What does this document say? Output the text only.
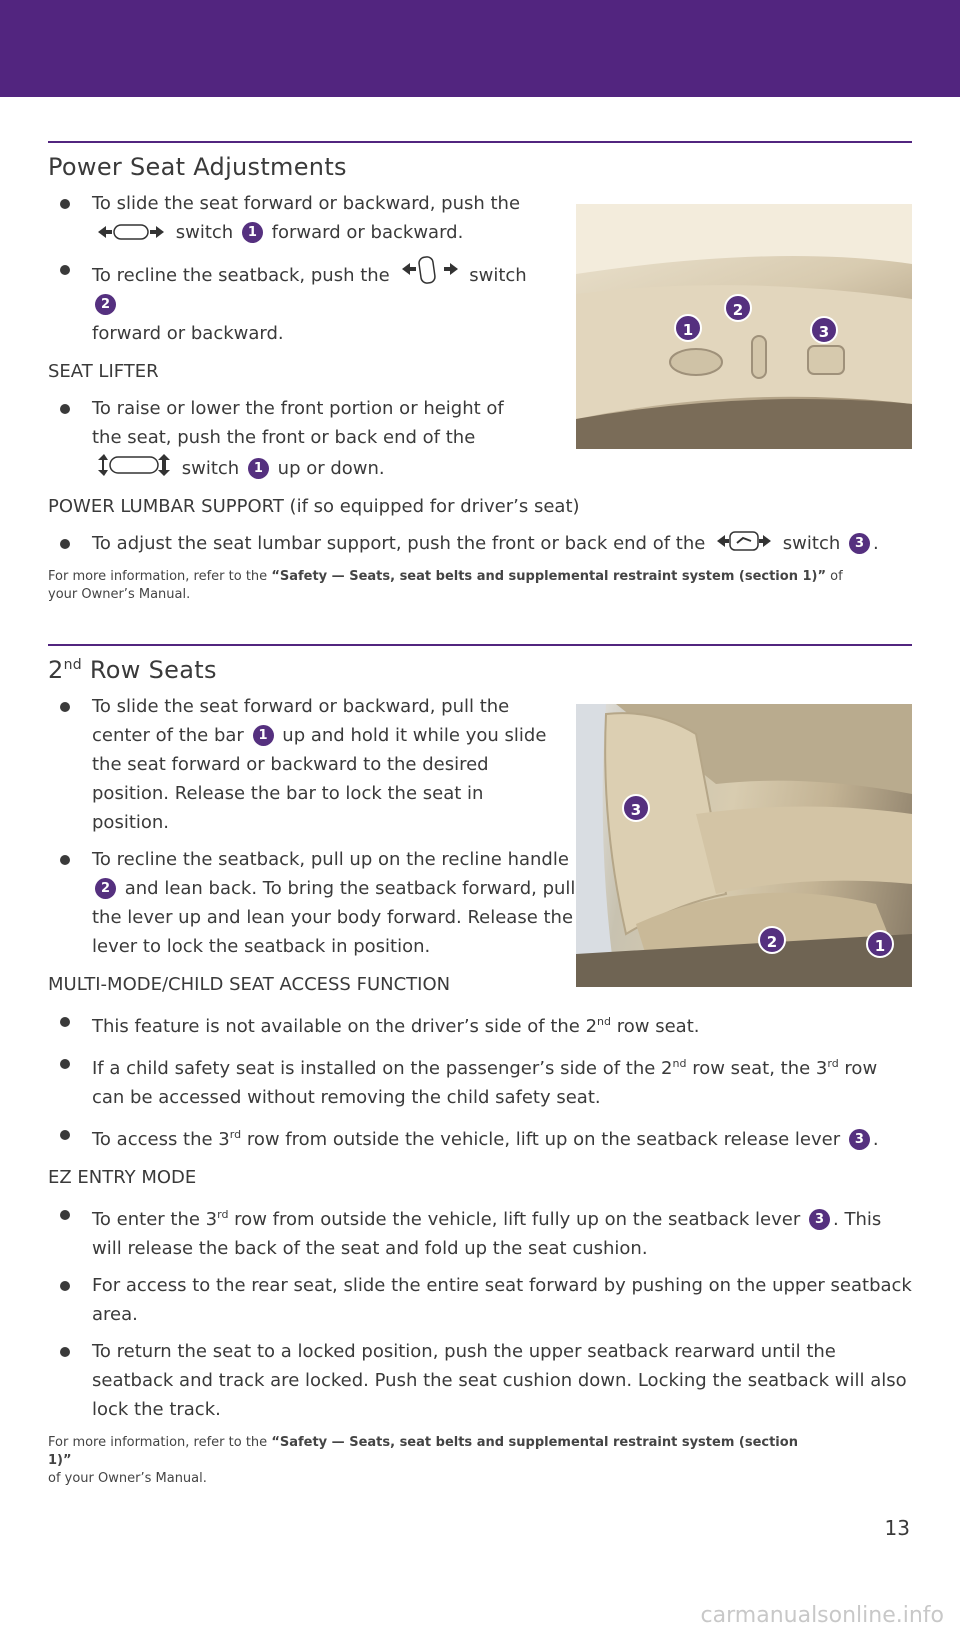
Power Seat Adjustments
To slide the seat forward or backward, push the
switch 1 forward or backward.
To recline the seatback, push the	switch 2
forward or backward.
SEAT LIFTER
To raise or lower the front portion or height of the seat, push the front or back end of the
switch 1 up or down.
POWER LUMBAR SUPPORT (if so equipped for driver’s seat)
To adjust the seat lumbar support, push the front or back end of the	switch 3 .
For more information, refer to the “Safety — Seats, seat belts and supplemental restraint system (section 1)” of your Owner’s Manual.
1
2
3
2nd Row Seats
To slide the seat forward or backward, pull the center of the bar 1 up and hold it while you slide the seat forward or backward to the desired position. Release the bar to lock the seat in position.
To recline the seatback, pull up on the recline handle 2 and lean back. To bring the seatback forward, pull the lever up and lean your body forward. Release the lever to lock the seatback in position.
MULTI-MODE/CHILD SEAT ACCESS FUNCTION
This feature is not available on the driver’s side of the 2nd row seat.
If a child safety seat is installed on the passenger’s side of the 2nd row seat, the 3rd row can be accessed without removing the child safety seat.
To access the 3rd row from outside the vehicle, lift up on the seatback release lever 3 .
EZ ENTRY MODE
To enter the 3rd row from outside the vehicle, lift fully up on the seatback lever 3 . This will release the back of the seat and fold up the seat cushion.
For access to the rear seat, slide the entire seat forward by pushing on the upper seatback area.
To return the seat to a locked position, push the upper seatback rearward until the seatback and track are locked. Push the seat cushion down. Locking the seatback will also lock the track.
For more information, refer to the “Safety — Seats, seat belts and supplemental restraint system (section 1)”
of your Owner’s Manual.
3
2	1
13
carmanualsonline.info
